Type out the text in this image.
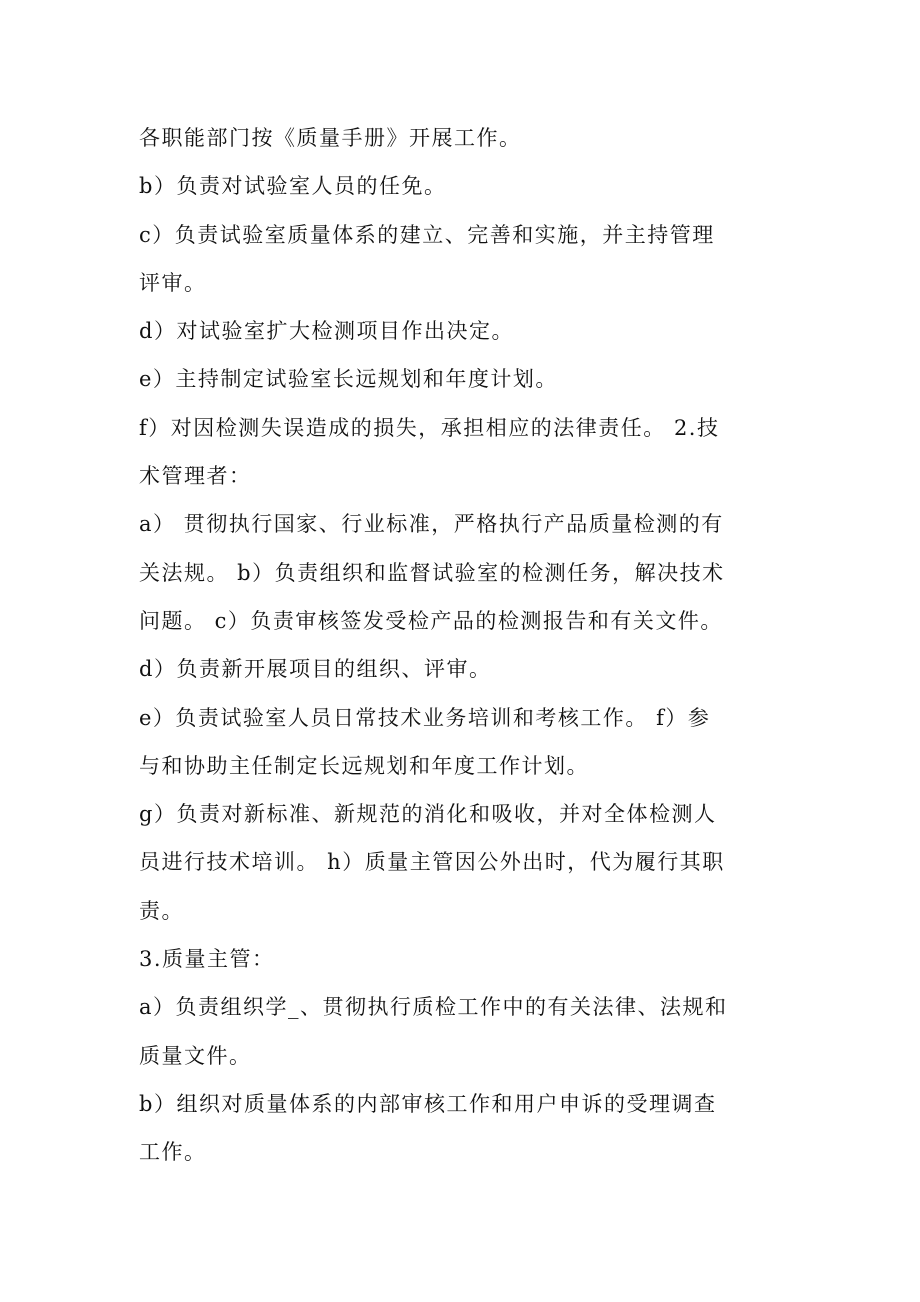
各职能部门按《质量手册》开展工作。
b）负责对试验室人员的任免。
c）负责试验室质量体系的建立、完善和实施，并主持管理
评审。
d）对试验室扩大检测项目作出决定。
e）主持制定试验室长远规划和年度计划。
f）对因检测失误造成的损失，承担相应的法律责任。 2.技
术管理者：
a） 贯彻执行国家、行业标准，严格执行产品质量检测的有
关法规。 b）负责组织和监督试验室的检测任务，解决技术
问题。 c）负责审核签发受检产品的检测报告和有关文件。
d）负责新开展项目的组织、评审。
e）负责试验室人员日常技术业务培训和考核工作。 f）参
与和协助主任制定长远规划和年度工作计划。
g）负责对新标准、新规范的消化和吸收，并对全体检测人
员进行技术培训。 h）质量主管因公外出时，代为履行其职
责。
3.质量主管：
a）负责组织学_、贯彻执行质检工作中的有关法律、法规和
质量文件。
b）组织对质量体系的内部审核工作和用户申诉的受理调查
工作。
